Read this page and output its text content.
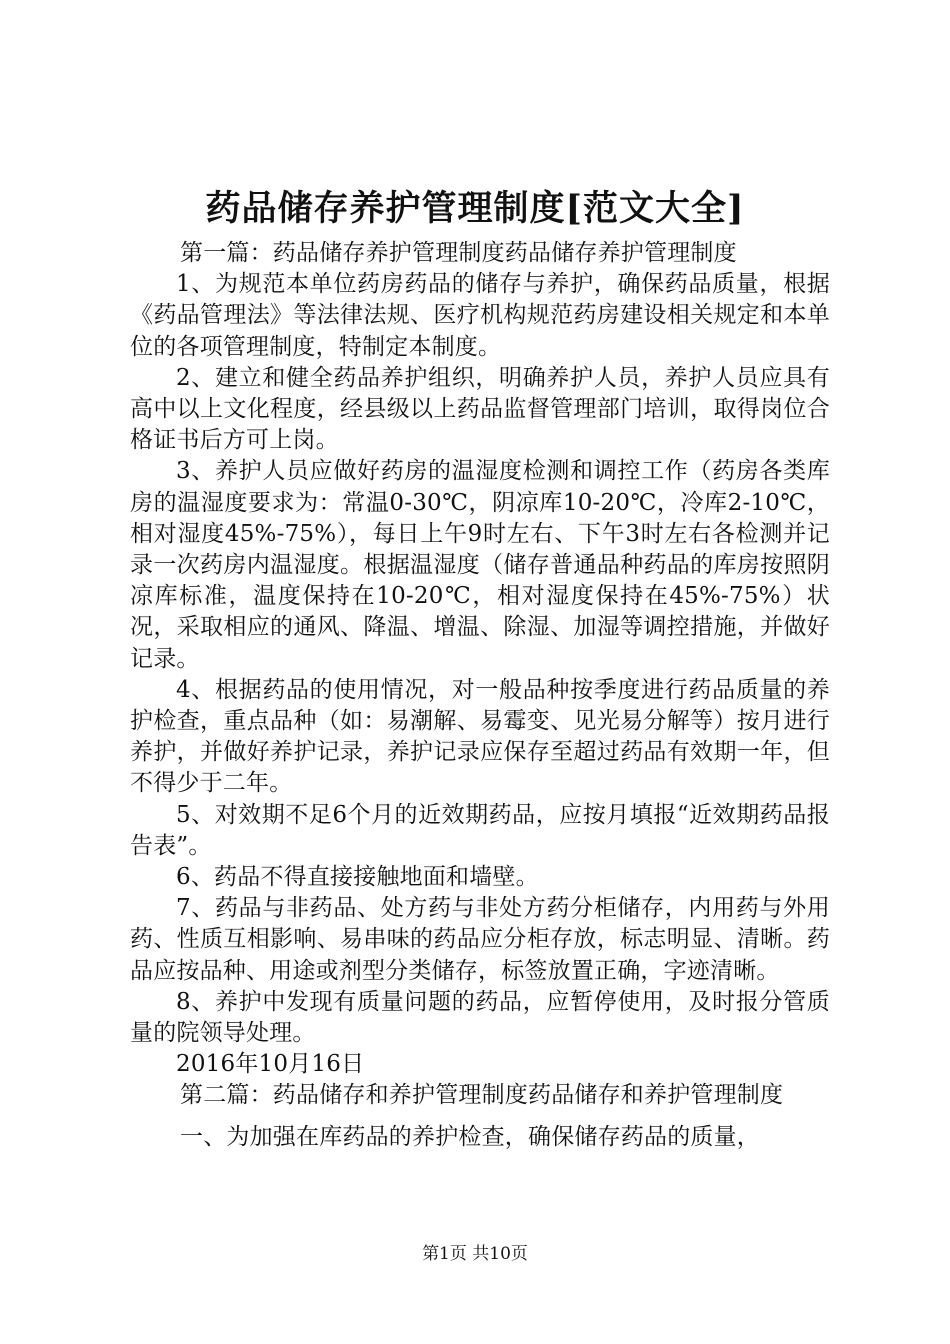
药品储存养护管理制度[范文大全]

第一篇：药品储存养护管理制度药品储存养护管理制度

1、为规范本单位药房药品的储存与养护，确保药品质量，根据《药品管理法》等法律法规、医疗机构规范药房建设相关规定和本单位的各项管理制度，特制定本制度。

2、建立和健全药品养护组织，明确养护人员，养护人员应具有高中以上文化程度，经县级以上药品监督管理部门培训，取得岗位合格证书后方可上岗。

3、养护人员应做好药房的温湿度检测和调控工作（药房各类库房的温湿度要求为：常温0-30℃，阴凉库10-20℃，冷库2-10℃，相对湿度45%-75%），每日上午9时左右、下午3时左右各检测并记录一次药房内温湿度。根据温湿度（储存普通品种药品的库房按照阴凉库标准，温度保持在10-20℃，相对湿度保持在45%-75%）状况，采取相应的通风、降温、增温、除湿、加湿等调控措施，并做好记录。

4、根据药品的使用情况，对一般品种按季度进行药品质量的养护检查，重点品种（如：易潮解、易霉变、见光易分解等）按月进行养护，并做好养护记录，养护记录应保存至超过药品有效期一年，但不得少于二年。

5、对效期不足6个月的近效期药品，应按月填报“近效期药品报告表”。

6、药品不得直接接触地面和墙壁。

7、药品与非药品、处方药与非处方药分柜储存，内用药与外用药、性质互相影响、易串味的药品应分柜存放，标志明显、清晰。药品应按品种、用途或剂型分类储存，标签放置正确，字迹清晰。

8、养护中发现有质量问题的药品，应暂停使用，及时报分管质量的院领导处理。

2016年10月16日

第二篇：药品储存和养护管理制度药品储存和养护管理制度

一、为加强在库药品的养护检查，确保储存药品的质量，

第1页 共10页
